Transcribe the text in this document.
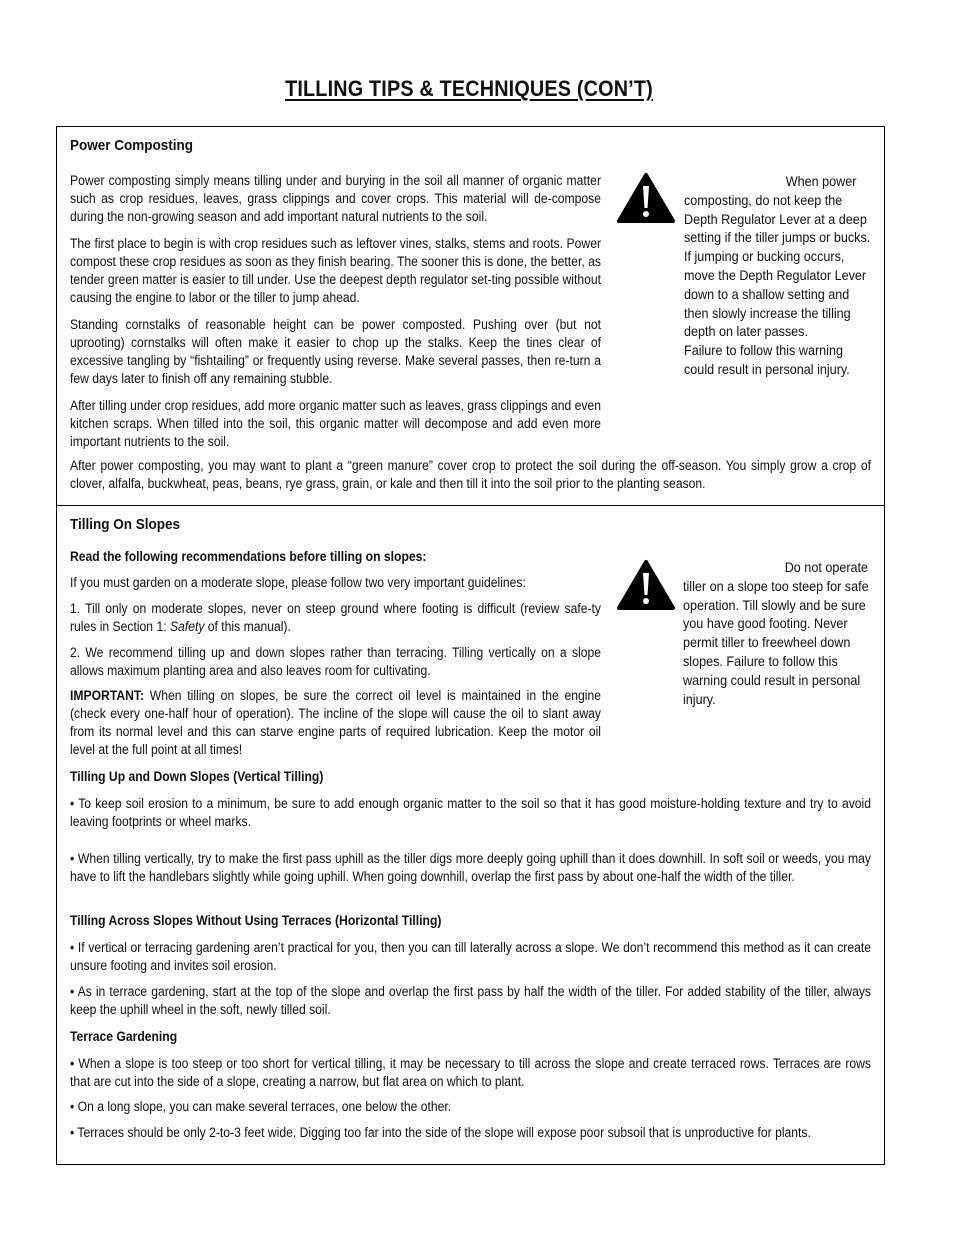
TILLING TIPS & TECHNIQUES (CON’T)
Power Composting
Power composting simply means tilling under and burying in the soil all manner of organic matter such as crop residues, leaves, grass clippings and cover crops. This material will de-compose during the non-growing season and add important natural nutrients to the soil.
The first place to begin is with crop residues such as leftover vines, stalks, stems and roots. Power compost these crop residues as soon as they finish bearing. The sooner this is done, the better, as tender green matter is easier to till under. Use the deepest depth regulator set-ting possible without causing the engine to labor or the tiller to jump ahead.
Standing cornstalks of reasonable height can be power composted. Pushing over (but not uprooting) cornstalks will often make it easier to chop up the stalks. Keep the tines clear of excessive tangling by “fishtailing” or frequently using reverse. Make several passes, then re-turn a few days later to finish off any remaining stubble.
After tilling under crop residues, add more organic matter such as leaves, grass clippings and even kitchen scraps. When tilled into the soil, this organic matter will decompose and add even more important nutrients to the soil.
After power composting, you may want to plant a “green manure” cover crop to protect the soil during the off-season. You simply grow a crop of clover, alfalfa, buckwheat, peas, beans, rye grass, grain, or kale and then till it into the soil prior to the planting season.

When power composting, do not keep the Depth Regulator Lever at a deep setting if the tiller jumps or bucks.

If jumping or bucking occurs, move the Depth Regulator Lever down to a shallow setting and then slowly increase the tilling depth on later passes.

Failure to follow this warning could result in personal injury.

Tilling On Slopes
Read the following recommendations before tilling on slopes:
If you must garden on a moderate slope, please follow two very important guidelines:
1. Till only on moderate slopes, never on steep ground where footing is difficult (review safe-ty rules in Section 1: Safety of this manual).
2. We recommend tilling up and down slopes rather than terracing. Tilling vertically on a slope allows maximum planting area and also leaves room for cultivating.
IMPORTANT: When tilling on slopes, be sure the correct oil level is maintained in the engine (check every one-half hour of operation). The incline of the slope will cause the oil to slant away from its normal level and this can starve engine parts of required lubrication. Keep the motor oil level at the full point at all times!

Do not operate tiller on a slope too steep for safe operation. Till slowly and be sure you have good footing. Never permit tiller to freewheel down slopes. Failure to follow this warning could result in personal injury.

Tilling Up and Down Slopes (Vertical Tilling)
• To keep soil erosion to a minimum, be sure to add enough organic matter to the soil so that it has good moisture-holding texture and try to avoid leaving footprints or wheel marks.
• When tilling vertically, try to make the first pass uphill as the tiller digs more deeply going uphill than it does downhill. In soft soil or weeds, you may have to lift the handlebars slightly while going uphill. When going downhill, overlap the first pass by about one-half the width of the tiller.
Tilling Across Slopes Without Using Terraces (Horizontal Tilling)
• If vertical or terracing gardening aren’t practical for you, then you can till laterally across a slope. We don’t recommend this method as it can create unsure footing and invites soil erosion.
• As in terrace gardening, start at the top of the slope and overlap the first pass by half the width of the tiller. For added stability of the tiller, always keep the uphill wheel in the soft, newly tilled soil.
Terrace Gardening
• When a slope is too steep or too short for vertical tilling, it may be necessary to till across the slope and create terraced rows. Terraces are rows that are cut into the side of a slope, creating a narrow, but flat area on which to plant.
• On a long slope, you can make several terraces, one below the other.
• Terraces should be only 2-to-3 feet wide. Digging too far into the side of the slope will expose poor subsoil that is unproductive for plants.
